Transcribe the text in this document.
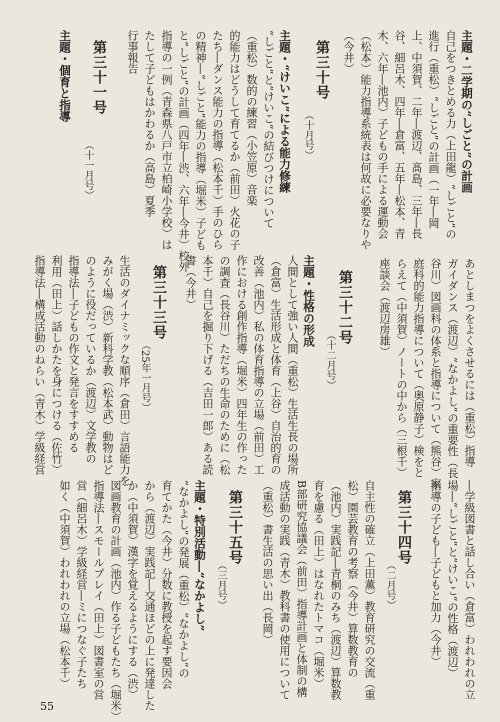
主題・二学期の“しごと”の計画
自己をつきとめる力（上田龍）“しごと”の
進行（重松）“しごと”の計画（一年―岡
上、中須賀、二年―渡辺、髙島、三年―長
谷、細呂木、四年―倉富、五年―松本、青
木、六年―池内）子どもの手による運動会
（松本）能力指導系統表は何故に必要なりや
（今井）
第三十号
（十月号）
主題・“けいこ”による能力修練
“しごと”と“けいこ”の結びつけについて
（重松）数的の練習（小笠原）音楽
的能力はどうして育てるか（前田）火花の子
たち―ダンス能力の指導（松本千）手のひら
の精神―“しごと”能力の指導（堀米）子ども
と“しごと”の計画（四年―渋、六年―今井）校外
指導の一例（青森県八戸市立柏崎小学校）は
たして子どもはかわるか（高島）夏季
行事報告
第三十一号
（十一月号）
主題・個育と指導
あとしまつをよくさせるには（重松）指導
ガイダンス（渡辺）“なかよし”の重要性（長
谷川）図画科の体系と指導について（熊谷）家
庭科的能力指導について（奥原静子）検をと
らえて（中須賀）ノートの中から（三根千）
座談会（渡辺房雄）
第三十二号
（十二月号）
主題・性格の形成
人間として強い人間（重松）生活生長の場所
（倉富）生活形成と体育（上谷）自治的育の
改善（池内）私の体育指導の立場（前田）工
作における創作指導（堀米）四年生の作った
の調査（長谷川）ただちの生命のために（松
本千）自己を掘り下げる（吉田一郎）ある読
書（今井）
第三十三号
（25年一月号）
生活のダイナミックな順序（倉田）言語能力を
みがく場（渋）新科学教（松本武）動物はど
のように役だっているか（渡辺）文学教の
指導法―子どもの作文と発言をすすめる
利用（田上）話しかたを身につける（佐竹）
指導法―構成活動のねらい（青木）学級経営
―学級図書と話し合い（倉富）われわれの立
場―“しごと”と“けいこ”の性格（渡辺）
指導の子ども―子どもと加力（今井）
第三十四号
（二月号）
自主性の確立（上田薫）教育研究の交流（重
松）園芸教育の考察（今井）算数教育の
（池内）実践記―青桐のみち（渡辺）算数教
育を慮る（田上）はなれたトマコ（堀米）
B部研究協議会（前田）指導計画と体制の構
成活動の実践（青木）教科書の使用について
（重松）書生活の思い出（長岡）
第三十五号
（三月号）
主題・特別活動―“なかよし”
“なかよし”の発展（重松）“なかよし”の
育てかた（今井）分数に教授を起す要因会
から（渡辺）実践記―交通ほどの上に発達した
か（中須賀）漢字を覚えるようにする（渋）
図画教育の計画（池内）作る子どもたち（堀米）
指導法―スモールプレイ（田上）図書室の営
営（細呂木）学級経営―ミにつなぐ子たち
如く（中須賀）われわれの立場（松本千）
55
